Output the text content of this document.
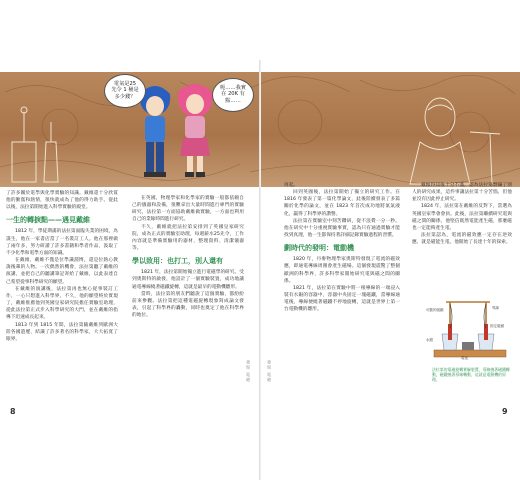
電氣是25
先令 1 桶是
多少錢？
呃……我實
在 20K 有
點……

了許多關於電學與化學實驗的知識。戴維還十分欣賞他的勤奮和熱情，很快就成為了他的得力助手。從此以後，法拉第開始進入科學實驗的殿堂。

一生的轉捩點——遇見戴維

1812 年，學徒期滿的法拉第面臨失業的困境，為謀生，他在一家書店當了一名裝訂工人。他在那裡做了兩年多，努力研讀了許多書籍和學者作品，汲取了不少化學和電學方面的知識。

在戴維，戴維不僅是位學識淵博，還是位熱心教誨後輩的人物。一次偶然的機會，法拉第聽了戴維的演講，並把自己的聽講筆記寄給了戴維，以此表達自己希望從事科學研究的願望。

在戴維的演講後，法拉第再也無心從事裝訂工作，一心只想進入科學界，不久，他的願望終於實現了，戴維推薦他到英國皇家研究院擔任實驗室助理，從此法拉第正式步入科學研究的大門，並在戴維的指導下迅速成長起來。

1813 年到 1815 年間，法拉第隨戴維到歐洲大陸各國遊歷，結識了許多著名的科學家，大大拓寬了眼界。

在英國，物理學家和化學家的實驗一般都依賴自己的儀器和設備，很難拿出大量時間進行專門的實驗研究，法拉第一方面協助戴維做實驗，一方面也利用自己的業餘時間進行研究。

不久，戴維就把法拉第安排到了英國皇家研究院，成為正式的實驗室助理，每週薪水25先令，工作內容就是準備實驗用的器材、整理資料、清潔儀器等。

學以致用：也打工，別人還有

1821 年，法拉第開始獨立進行電磁學的研究。受到奧斯特的啟發，他設計了一個實驗裝置，成功地讓通電導線繞著磁鐵旋轉，這就是最早的電動機雛形。

當時，法拉第的朋友們聽說了這個實驗，都紛紛前來參觀。法拉第把這種電磁旋轉現象寫成論文發表，引起了科學界的轟動，同時也奠定了他在科學界的地位。

發現 電磁	發現 電磁

再起。

回到英國後，法拉第開始了獨立的研究工作。在 1816 年發表了第一篇化學論文，此後陸續發表了多篇關於化學的論文，並在 1823 年首次成功地將氯氣液化，贏得了科學界的讚譽。

法拉第在實驗室中刻苦鑽研，從不浪費一分一秒。他在研究中十分重視實驗事實，認為只有通過實驗才能找到真理，他一生都保持著詳細記錄實驗過程的習慣。

劃時代的發明：電動機

1820 年，丹麥物理學家奧斯特發現了電流的磁效應，即通電導線周圍會產生磁場。這個發現震驚了整個歐洲的科學界，許多科學家開始研究電與磁之間的關係。

1821 年，法拉第在實驗中將一根導線的一端浸入裝有水銀的容器中，容器中央固定一塊磁鐵，當導線通電後，導線便繞著磁鐵不停地旋轉，這就是世界上第一台電動機的雛形。

戴維得知後十分不滿，認為法拉第剽竊了別人的研究成果，這件事讓法拉第十分苦惱，但他並沒有因此停止研究。

1824 年，法拉第在戴維的反對下，當選為英國皇家學會會員。此後，法拉第繼續研究電與磁之間的關係，他堅信既然電能產生磁，那麼磁也一定能夠產生電。

法拉第認為，電流的磁效應一定存在逆效應，就是磁能生電。他開始了長達十年的探索。

可動的磁鐵
水銀
導線
固定磁鐵
電池
法拉第的電磁旋轉實驗裝置，導線繞著磁鐵轉動，磁鐵繞著導線轉動，這就是電動機的原理。
8	9
